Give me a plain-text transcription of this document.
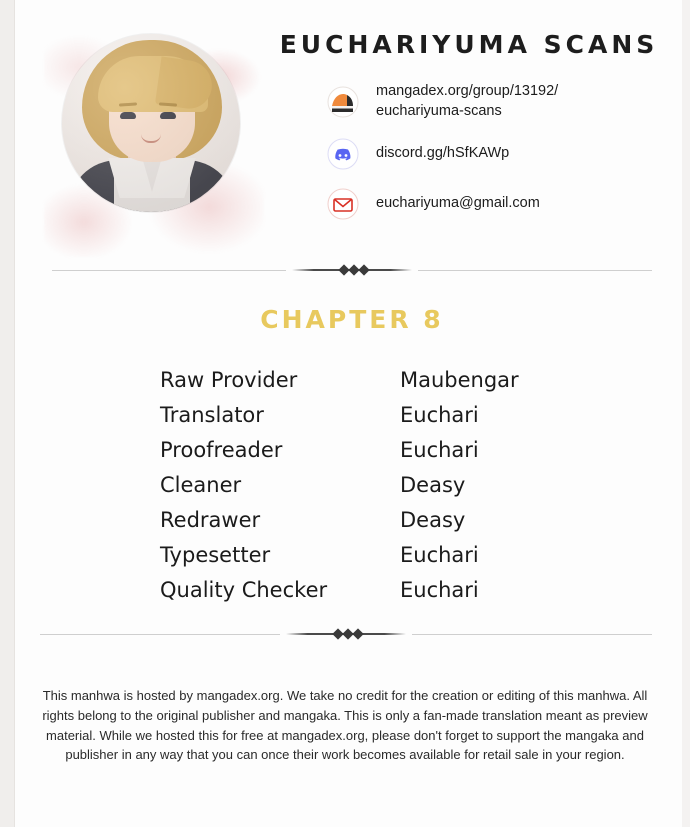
EUCHARIYUMA SCANS
mangadex.org/group/13192/
euchariyuma-scans
discord.gg/hSfKAWp
euchariyuma@gmail.com
CHAPTER 8
Raw Provider	Maubengar
Translator	Euchari
Proofreader	Euchari
Cleaner	Deasy
Redrawer	Deasy
Typesetter	Euchari
Quality Checker	Euchari
This manhwa is hosted by mangadex.org. We take no credit for the creation or editing of this manhwa. All rights belong to the original publisher and mangaka. This is only a fan-made translation meant as preview material. While we hosted this for free at mangadex.org, please don't forget to support the mangaka and publisher in any way that you can once their work becomes available for retail sale in your region.
